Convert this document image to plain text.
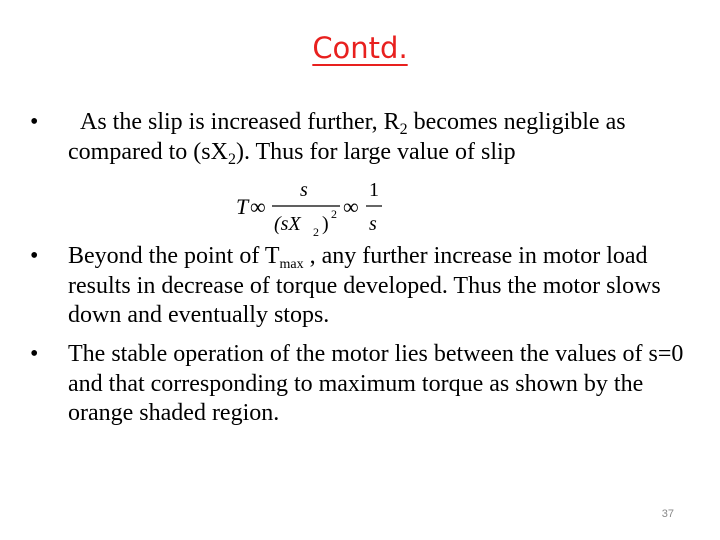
Contd.
•	As the slip is increased further, $R_2$ becomes negligible as compared to $(sX_2)$. Thus for large value of slip
T ∞
s
(sX 2 ) 2 ∞
1
s
•	Beyond the point of $T_{max}$ , any further increase in motor load results in decrease of torque developed. Thus the motor slows down and eventually stops.
•	The stable operation of the motor lies between the values of s=0 and that corresponding to maximum torque as shown by the orange shaded region.
37
